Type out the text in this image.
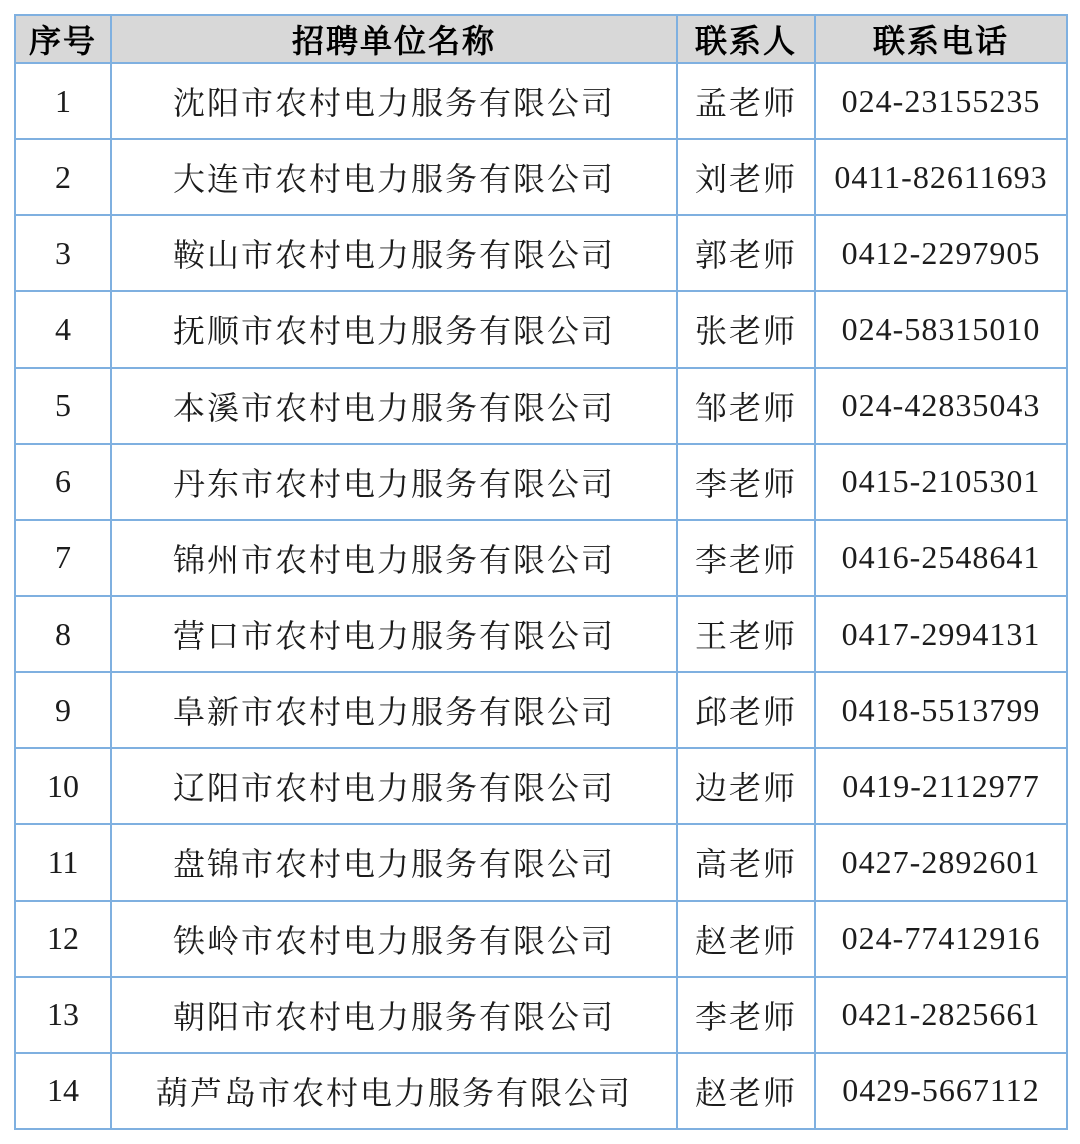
序号	招聘单位名称	联系人	联系电话
1	沈阳市农村电力服务有限公司	孟老师	024-23155235
2	大连市农村电力服务有限公司	刘老师	0411-82611693
3	鞍山市农村电力服务有限公司	郭老师	0412-2297905
4	抚顺市农村电力服务有限公司	张老师	024-58315010
5	本溪市农村电力服务有限公司	邹老师	024-42835043
6	丹东市农村电力服务有限公司	李老师	0415-2105301
7	锦州市农村电力服务有限公司	李老师	0416-2548641
8	营口市农村电力服务有限公司	王老师	0417-2994131
9	阜新市农村电力服务有限公司	邱老师	0418-5513799
10	辽阳市农村电力服务有限公司	边老师	0419-2112977
11	盘锦市农村电力服务有限公司	高老师	0427-2892601
12	铁岭市农村电力服务有限公司	赵老师	024-77412916
13	朝阳市农村电力服务有限公司	李老师	0421-2825661
14	葫芦岛市农村电力服务有限公司	赵老师	0429-5667112
